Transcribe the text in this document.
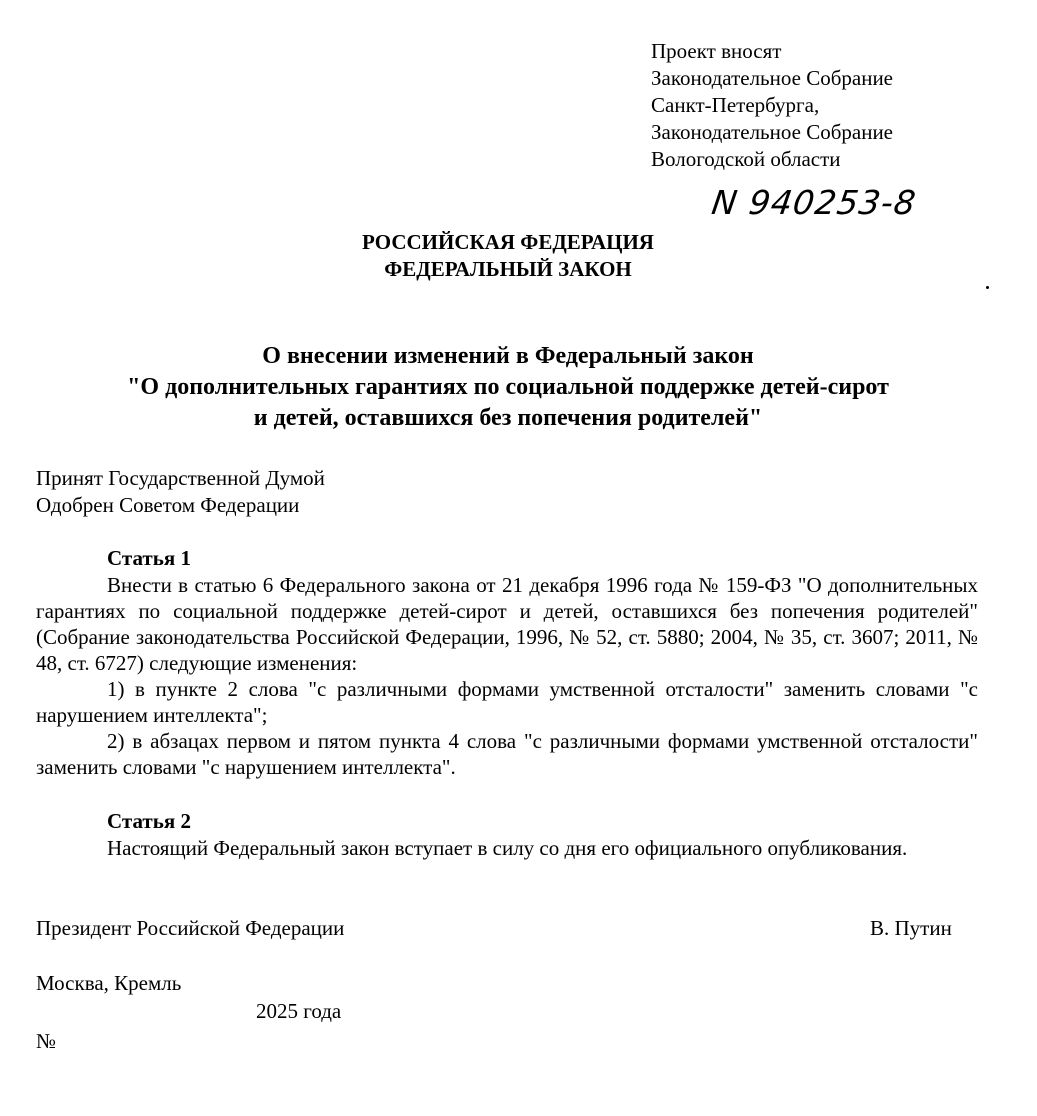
Проект вносят
Законодательное Собрание
Санкт-Петербурга,
Законодательное Собрание
Вологодской области
N 940253-8
РОССИЙСКАЯ ФЕДЕРАЦИЯ
ФЕДЕРАЛЬНЫЙ ЗАКОН
О внесении изменений в Федеральный закон
"О дополнительных гарантиях по социальной поддержке детей-сирот
и детей, оставшихся без попечения родителей"
Принят Государственной Думой
Одобрен Советом Федерации
Статья 1
Внести в статью 6 Федерального закона от 21 декабря 1996 года № 159-ФЗ "О дополнительных гарантиях по социальной поддержке детей-сирот и детей, оставшихся без попечения родителей" (Собрание законодательства Российской Федерации, 1996, № 52, ст. 5880; 2004, № 35, ст. 3607; 2011, № 48, ст. 6727) следующие изменения:
1) в пункте 2 слова "с различными формами умственной отсталости" заменить словами "с нарушением интеллекта";
2) в абзацах первом и пятом пункта 4 слова "с различными формами умственной отсталости" заменить словами "с нарушением интеллекта".
Статья 2
Настоящий Федеральный закон вступает в силу со дня его официального опубликования.
Президент Российской Федерации	В. Путин
Москва, Кремль
2025 года
№
